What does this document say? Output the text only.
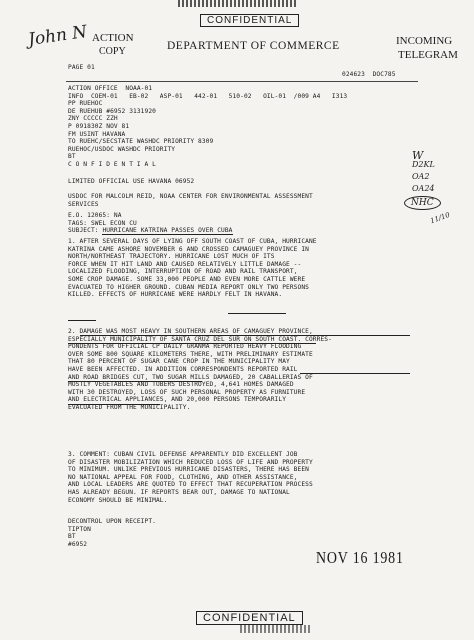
CONFIDENTIAL
John N ACTION
COPY	DEPARTMENT OF COMMERCE	INCOMING
TELEGRAM
PAGE 01
024623  DOC785
ACTION OFFICE  NOAA-01
INFO  COEM-01   EB-02   ASP-01   442-01   510-02   OIL-01  /009 A4   I313
PP RUEHOC
DE RUEHUB #6952 3131920
ZNY CCCCC ZZH
P 091830Z NOV 81
FM USINT HAVANA
TO RUEHC/SECSTATE WASHDC PRIORITY 8309
RUEHOC/USDOC WASHDC PRIORITY
BT
C O N F I D E N T I A L
LIMITED OFFICIAL USE HAVANA 06952
USDOC FOR MALCOLM REID, NOAA CENTER FOR ENVIRONMENTAL ASSESSMENT
SERVICES
E.O. 12065: NA
TAGS: SWEL ECON CU
SUBJECT: HURRICANE KATRINA PASSES OVER CUBA
W
D2KL
OA2
OA24
NHC
11/10
1. AFTER SEVERAL DAYS OF LYING OFF SOUTH COAST OF CUBA, HURRICANE
KATRINA CAME ASHORE NOVEMBER 6 AND CROSSED CAMAGUEY PROVINCE IN
NORTH/NORTHEAST TRAJECTORY. HURRICANE LOST MUCH OF ITS
FORCE WHEN IT HIT LAND AND CAUSED RELATIVELY LITTLE DAMAGE --
LOCALIZED FLOODING, INTERRUPTION OF ROAD AND RAIL TRANSPORT,
SOME CROP DAMAGE. SOME 33,000 PEOPLE AND EVEN MORE CATTLE WERE
EVACUATED TO HIGHER GROUND. CUBAN MEDIA REPORT ONLY TWO PERSONS
KILLED. EFFECTS OF HURRICANE WERE HARDLY FELT IN HAVANA.
2. DAMAGE WAS MOST HEAVY IN SOUTHERN AREAS OF CAMAGUEY PROVINCE,
ESPECIALLY MUNICIPALITY OF SANTA CRUZ DEL SUR ON SOUTH COAST. CORRES-
PONDENTS FOR OFFICIAL CP DAILY GRANMA REPORTED HEAVY FLOODING
OVER SOME 800 SQUARE KILOMETERS THERE, WITH PRELIMINARY ESTIMATE
THAT 80 PERCENT OF SUGAR CANE CROP IN THE MUNICIPALITY MAY
HAVE BEEN AFFECTED. IN ADDITION CORRESPONDENTS REPORTED RAIL
AND ROAD BRIDGES CUT, TWO SUGAR MILLS DAMAGED, 20 CABALLERIAS OF
MOSTLY VEGETABLES AND TUBERS DESTROYED, 4,641 HOMES DAMAGED
WITH 30 DESTROYED, LOSS OF SUCH PERSONAL PROPERTY AS FURNITURE
AND ELECTRICAL APPLIANCES, AND 20,000 PERSONS TEMPORARILY
EVACUATED FROM THE MUNICIPALITY.
3. COMMENT: CUBAN CIVIL DEFENSE APPARENTLY DID EXCELLENT JOB
OF DISASTER MOBILIZATION WHICH REDUCED LOSS OF LIFE AND PROPERTY
TO MINIMUM. UNLIKE PREVIOUS HURRICANE DISASTERS, THERE HAS BEEN
NO NATIONAL APPEAL FOR FOOD, CLOTHING, AND OTHER ASSISTANCE,
AND LOCAL LEADERS ARE QUOTED TO EFFECT THAT RECUPERATION PROCESS
HAS ALREADY BEGUN. IF REPORTS BEAR OUT, DAMAGE TO NATIONAL
ECONOMY SHOULD BE MINIMAL.
DECONTROL UPON RECEIPT.
TIPTON
BT
#6952
NOV 16 1981
CONFIDENTIAL
